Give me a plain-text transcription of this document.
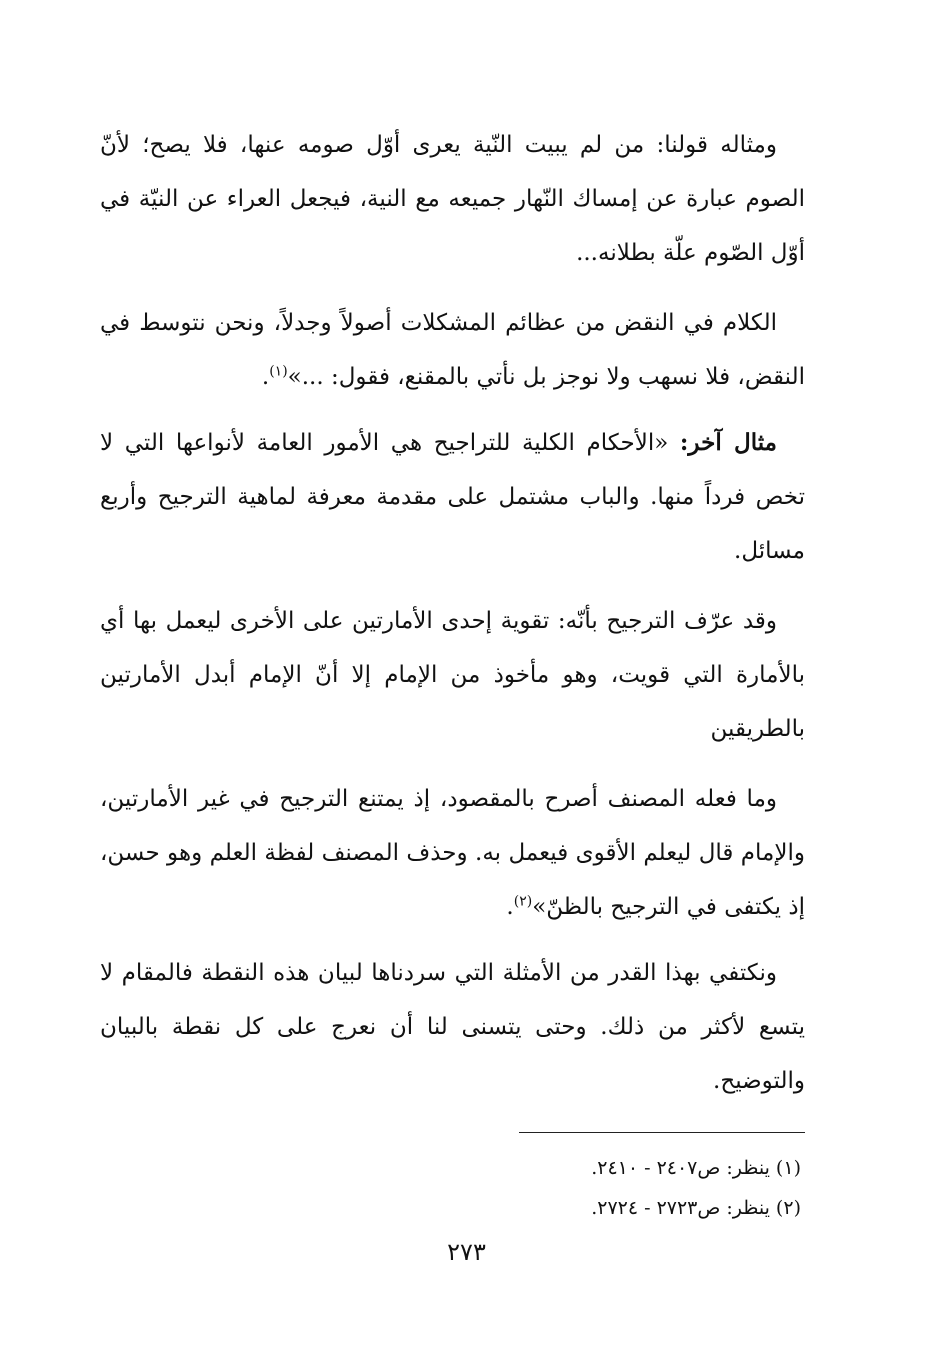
ومثاله قولنا: من لم يبيت النّية يعرى أوّل صومه عنها، فلا يصح؛ لأنّ الصوم عبارة عن إمساك النّهار جميعه مع النية، فيجعل العراء عن النيّة في أوّل الصّوم علّة بطلانه...

الكلام في النقض من عظائم المشكلات أصولاً وجدلاً، ونحن نتوسط في النقض، فلا نسهب ولا نوجز بل نأتي بالمقنع، فقول: ...»$^{(١)}$.

مثال آخر: «الأحكام الكلية للتراجيح هي الأمور العامة لأنواعها التي لا تخص فرداً منها. والباب مشتمل على مقدمة معرفة لماهية الترجيح وأربع مسائل.

وقد عرّف الترجيح بأنّه: تقوية إحدى الأمارتين على الأخرى ليعمل بها أي بالأمارة التي قويت، وهو مأخوذ من الإمام إلا أنّ الإمام أبدل الأمارتين بالطريقين

وما فعله المصنف أصرح بالمقصود، إذ يمتنع الترجيح في غير الأمارتين، والإمام قال ليعلم الأقوى فيعمل به. وحذف المصنف لفظة العلم وهو حسن، إذ يكتفى في الترجيح بالظنّ»$^{(٢)}$.

ونكتفي بهذا القدر من الأمثلة التي سردناها لبيان هذه النقطة فالمقام لا يتسع لأكثر من ذلك. وحتى يتسنى لنا أن نعرج على كل نقطة بالبيان والتوضيح.

(١) ينظر: ص٢٤٠٧ - ٢٤١٠.

(٢) ينظر: ص٢٧٢٣ - ٢٧٢٤.

٢٧٣
